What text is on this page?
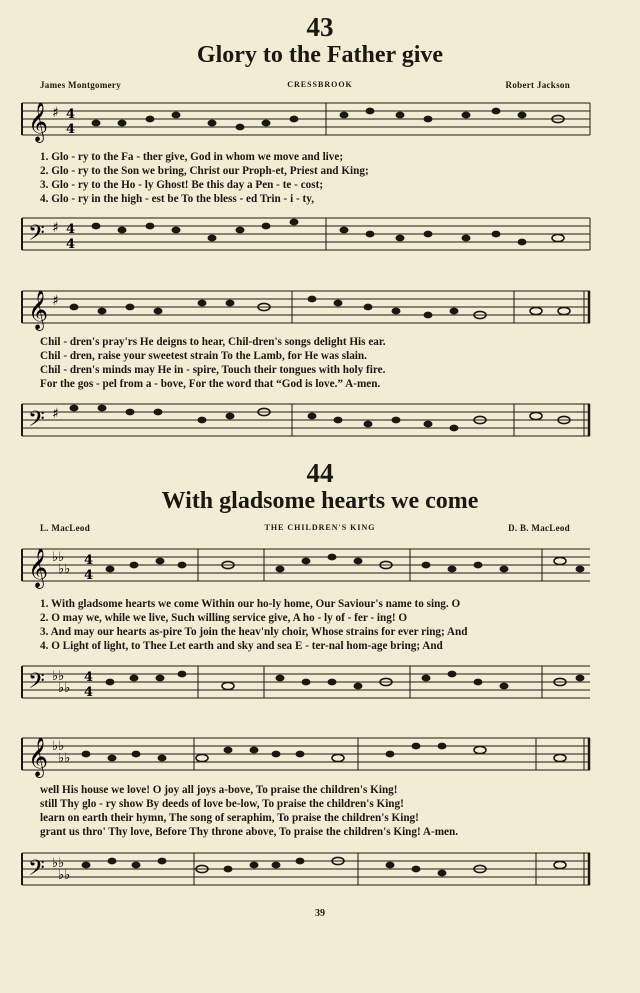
43
Glory to the Father give
James Montgomery	CRESSBROOK	Robert Jackson
𝄞 ♯ 4
4
1. Glo - ry to the Fa - ther give, God in whom we move and live;
2. Glo - ry to the Son we bring, Christ our Proph-et, Priest and King;
3. Glo - ry to the Ho - ly Ghost! Be this day a Pen - te - cost;
4. Glo - ry in the high - est be To the bless - ed Trin - i - ty,
𝄢 ♯ 4
4
𝄞 ♯
Chil - dren's pray'rs He deigns to hear, Chil-dren's songs delight His ear.
Chil - dren, raise your sweetest strain To the Lamb, for He was slain.
Chil - dren's minds may He in - spire, Touch their tongues with holy fire.
For the gos - pel from a - bove, For the word that “God is love.” A-men.
𝄢 ♯
44
With gladsome hearts we come
L. MacLeod	THE CHILDREN'S KING	D. B. MacLeod
𝄞 ♭♭
♭♭
4
4
1. With gladsome hearts we come Within our ho-ly home, Our Saviour's name to sing. O
2. O may we, while we live, Such willing service give, A ho - ly of - fer - ing! O
3. And may our hearts as-pire To join the heav'nly choir, Whose strains for ever ring; And
4. O Light of light, to Thee Let earth and sky and sea E - ter-nal hom-age bring; And
𝄢 ♭♭
♭♭
4
4
𝄞 ♭♭
♭♭
well His house we love! O joy all joys a-bove, To praise the children's King!
still Thy glo - ry show By deeds of love be-low, To praise the children's King!
learn on earth their hymn, The song of seraphim, To praise the children's King!
grant us thro' Thy love, Before Thy throne above, To praise the children's King! A-men.
𝄢 ♭♭
♭♭
39
